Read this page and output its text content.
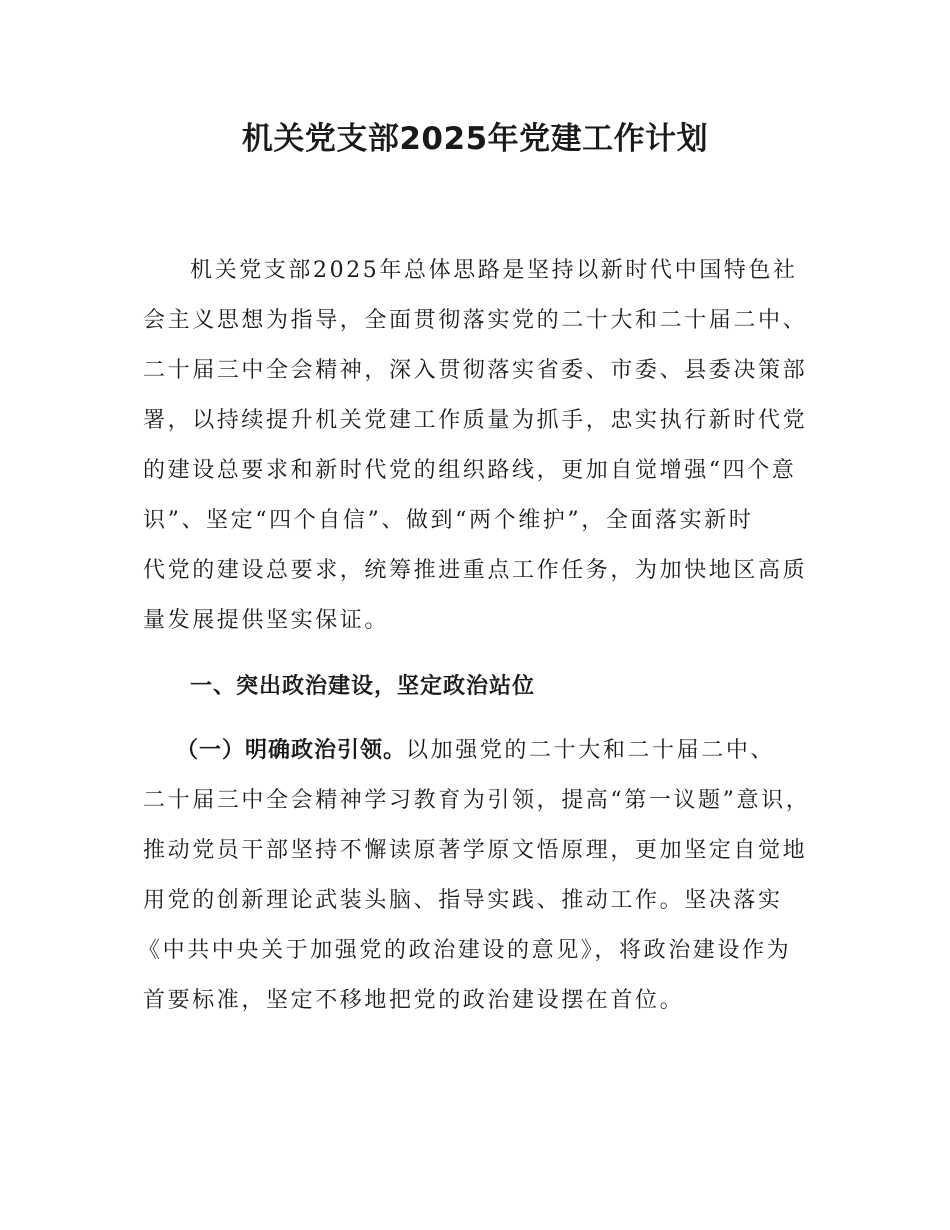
机关党支部2025年党建工作计划
机关党支部2025年总体思路是坚持以新时代中国特色社
会主义思想为指导，全面贯彻落实党的二十大和二十届二中、
二十届三中全会精神，深入贯彻落实省委、市委、县委决策部
署，以持续提升机关党建工作质量为抓手，忠实执行新时代党
的建设总要求和新时代党的组织路线，更加自觉增强“四个意
识”、坚定“四个自信”、做到“两个维护”，全面落实新时
代党的建设总要求，统筹推进重点工作任务，为加快地区高质
量发展提供坚实保证。
一、突出政治建设，坚定政治站位
（一）明确政治引领。以加强党的二十大和二十届二中、
二十届三中全会精神学习教育为引领，提高“第一议题”意识，
推动党员干部坚持不懈读原著学原文悟原理，更加坚定自觉地
用党的创新理论武装头脑、指导实践、推动工作。坚决落实
《中共中央关于加强党的政治建设的意见》，将政治建设作为
首要标准，坚定不移地把党的政治建设摆在首位。
